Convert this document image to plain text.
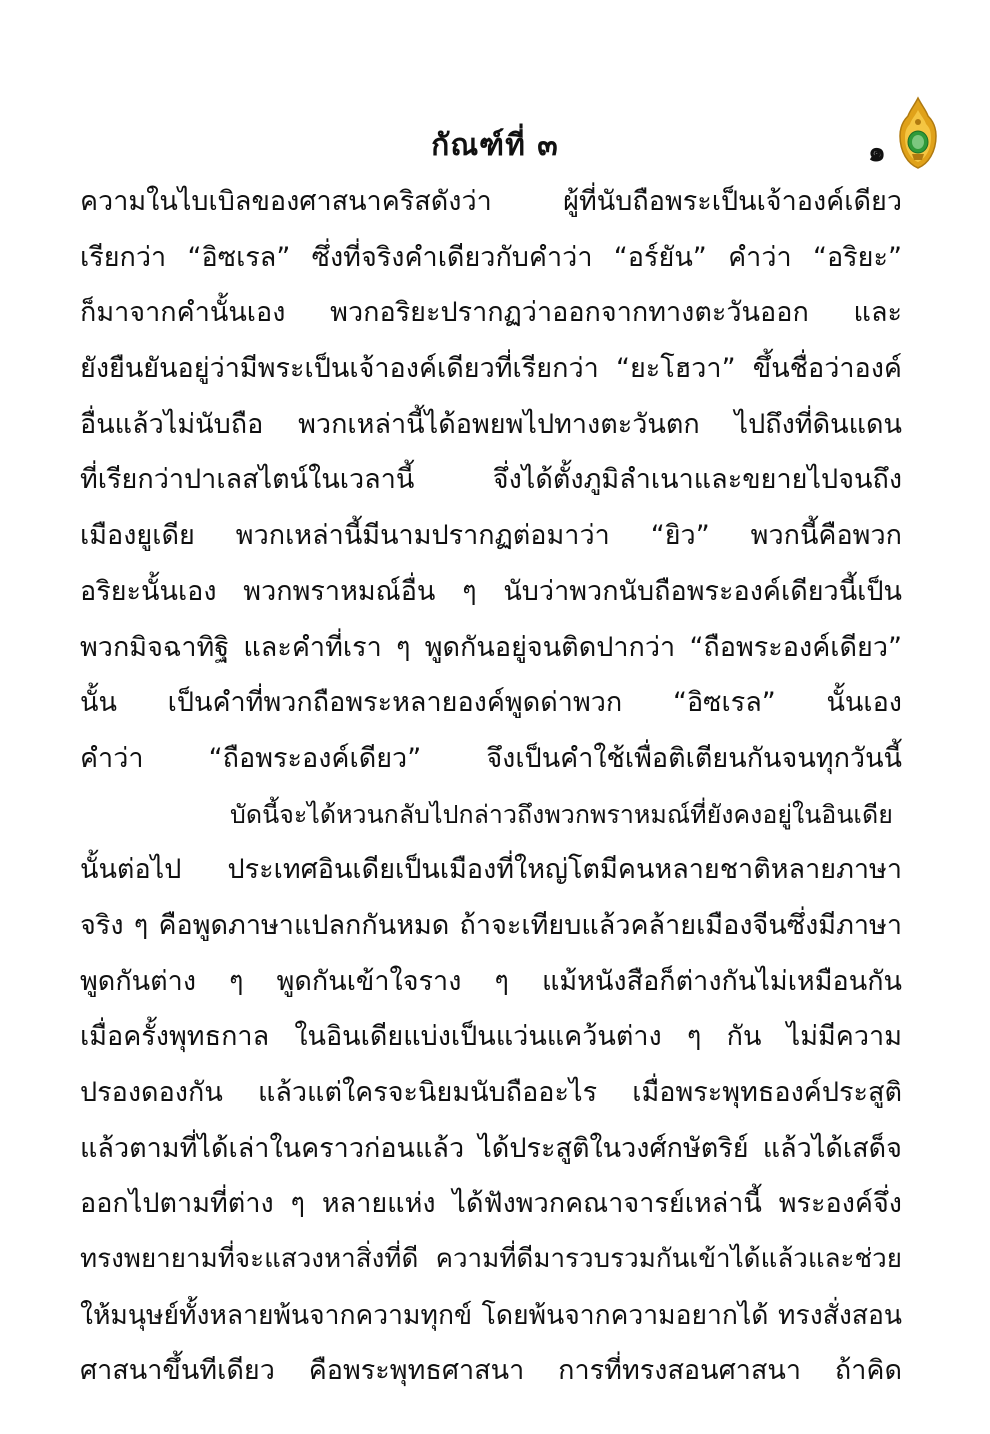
กัณฑ์ที่ ๓	๑
ความในไบเบิลของศาสนาคริสดังว่า ผู้ที่นับถือพระเป็นเจ้าองค์เดียว
เรียกว่า “อิซเรล” ซึ่งที่จริงคำเดียวกับคำว่า “อร์ยัน” คำว่า “อริยะ”
ก็มาจากคำนั้นเอง พวกอริยะปรากฏว่าออกจากทางตะวันออก และ
ยังยืนยันอยู่ว่ามีพระเป็นเจ้าองค์เดียวที่เรียกว่า “ยะโฮวา” ขึ้นชื่อว่าองค์
อื่นแล้วไม่นับถือ พวกเหล่านี้ได้อพยพไปทางตะวันตก ไปถึงที่ดินแดน
ที่เรียกว่าปาเลสไตน์ในเวลานี้ จึ่งได้ตั้งภูมิลำเนาและขยายไปจนถึง
เมืองยูเดีย พวกเหล่านี้มีนามปรากฏต่อมาว่า “ยิว” พวกนี้คือพวก
อริยะนั้นเอง พวกพราหมณ์อื่น ๆ นับว่าพวกนับถือพระองค์เดียวนี้เป็น
พวกมิจฉาทิฐิ และคำที่เรา ๆ พูดกันอยู่จนติดปากว่า “ถือพระองค์เดียว”
นั้น เป็นคำที่พวกถือพระหลายองค์พูดด่าพวก “อิซเรล” นั้นเอง
คำว่า “ถือพระองค์เดียว” จึงเป็นคำใช้เพื่อติเตียนกันจนทุกวันนี้
บัดนี้จะได้หวนกลับไปกล่าวถึงพวกพราหมณ์ที่ยังคงอยู่ในอินเดีย
นั้นต่อไป ประเทศอินเดียเป็นเมืองที่ใหญ่โตมีคนหลายชาติหลายภาษา
จริง ๆ คือพูดภาษาแปลกกันหมด ถ้าจะเทียบแล้วคล้ายเมืองจีนซึ่งมีภาษา
พูดกันต่าง ๆ พูดกันเข้าใจราง ๆ แม้หนังสือก็ต่างกันไม่เหมือนกัน
เมื่อครั้งพุทธกาล ในอินเดียแบ่งเป็นแว่นแคว้นต่าง ๆ กัน ไม่มีความ
ปรองดองกัน แล้วแต่ใครจะนิยมนับถืออะไร เมื่อพระพุทธองค์ประสูติ
แล้วตามที่ได้เล่าในคราวก่อนแล้ว ได้ประสูติในวงศ์กษัตริย์ แล้วได้เสด็จ
ออกไปตามที่ต่าง ๆ หลายแห่ง ได้ฟังพวกคณาจารย์เหล่านี้ พระองค์จึ่ง
ทรงพยายามที่จะแสวงหาสิ่งที่ดี ความที่ดีมารวบรวมกันเข้าได้แล้วและช่วย
ให้มนุษย์ทั้งหลายพ้นจากความทุกข์ โดยพ้นจากความอยากได้ ทรงสั่งสอน
ศาสนาขึ้นทีเดียว คือพระพุทธศาสนา การที่ทรงสอนศาสนา ถ้าคิด
